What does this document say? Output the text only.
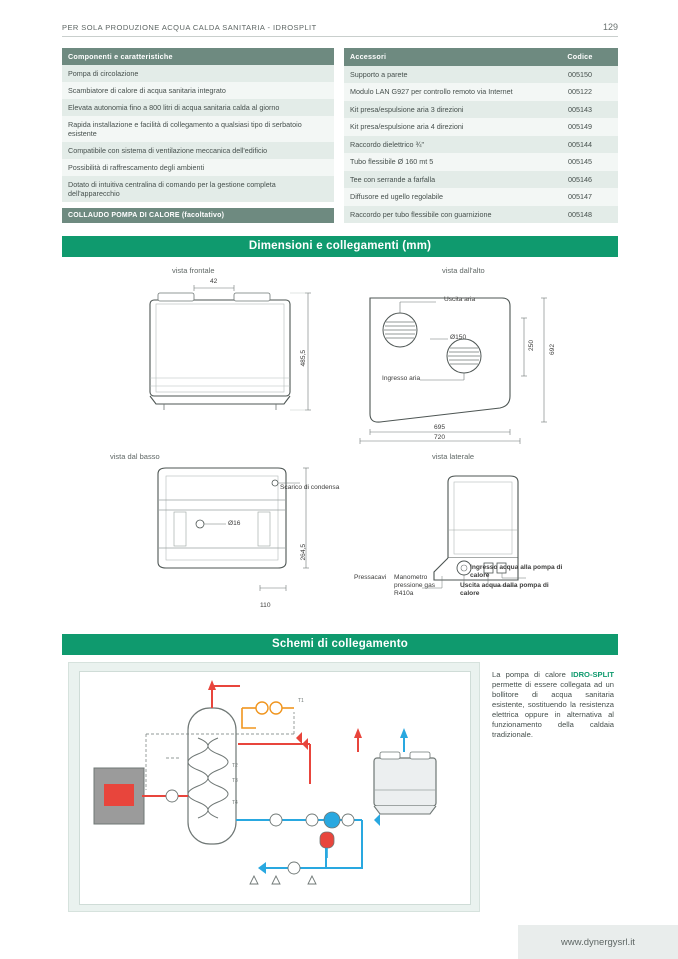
PER SOLA PRODUZIONE ACQUA CALDA SANITARIA - IDROSPLIT	129
Componenti e caratteristiche
Pompa di circolazione
Scambiatore di calore di acqua sanitaria integrato
Elevata autonomia fino a 800 litri di acqua sanitaria calda al giorno
Rapida installazione e facilità di collegamento a qualsiasi tipo di serbatoio esistente
Compatibile con sistema di ventilazione meccanica dell'edificio
Possibilità di raffrescamento degli ambienti
Dotato di intuitiva centralina di comando per la gestione completa dell'apparecchio
COLLAUDO POMPA DI CALORE (facoltativo)
Accessori	Codice
Supporto a parete	005150
Modulo LAN G927 per controllo remoto via Internet	005122
Kit presa/espulsione aria 3 direzioni	005143
Kit presa/espulsione aria 4 direzioni	005149
Raccordo dielettrico ¾"	005144
Tubo flessibile Ø 160 mt 5	005145
Tee con serrande a farfalla	005146
Diffusore ed ugello regolabile	005147
Raccordo per tubo flessibile con guarnizione	005148
Dimensioni e collegamenti (mm)
vista frontale	vista dall'alto
vista dal basso	vista laterale
42
485,5
Uscita aria
Ø150
Ingresso aria
250 692
695
720
Scarico di condensa
Ø16
264,5
110
Pressacavi Manometro pressione gas R410a
Ingresso acqua alla pompa di calore
Uscita acqua dalla pompa di calore
Schemi di collegamento
T1
T2
T3
T4
La pompa di calore IDRO-SPLIT permette di essere collegata ad un bollitore di acqua sanitaria esistente, sostituendo la resistenza elettrica oppure in alternativa al funzionamento della caldaia tradizionale.
www.dynergysrl.it
